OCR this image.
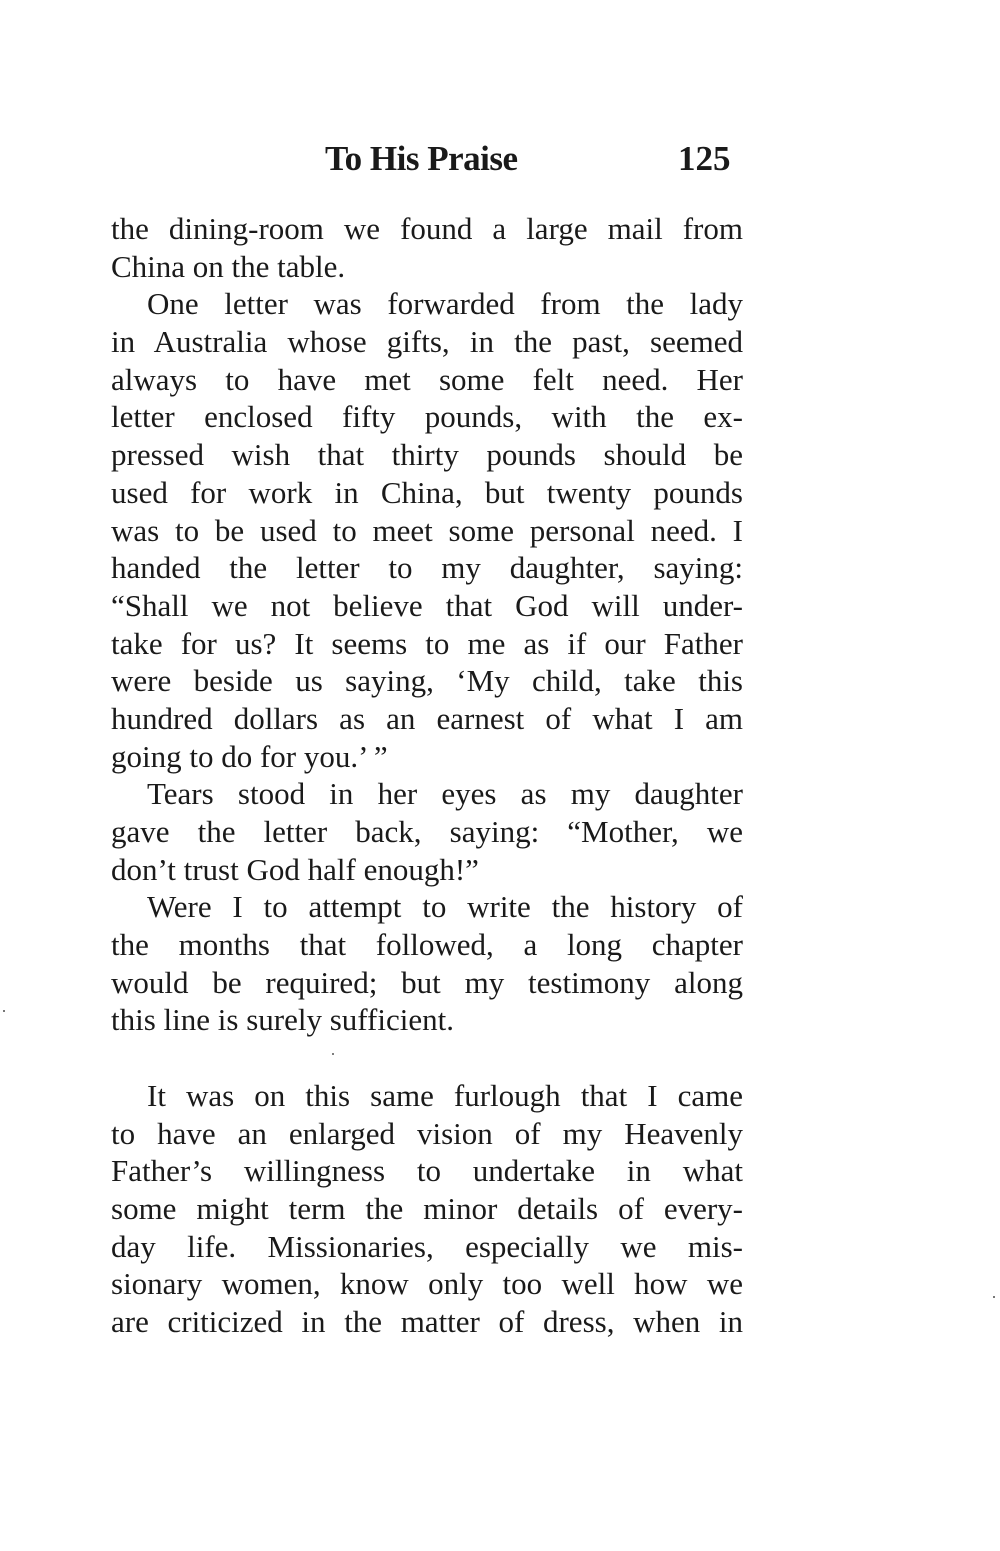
To His Praise	125
the dining-room we found a large mail from
China on the table.
One letter was forwarded from the lady
in Australia whose gifts, in the past, seemed
always to have met some felt need. Her
letter enclosed fifty pounds, with the ex-
pressed wish that thirty pounds should be
used for work in China, but twenty pounds
was to be used to meet some personal need. I
handed the letter to my daughter, saying:
“Shall we not believe that God will under-
take for us? It seems to me as if our Father
were beside us saying, ‘My child, take this
hundred dollars as an earnest of what I am
going to do for you.’ ”
Tears stood in her eyes as my daughter
gave the letter back, saying: “Mother, we
don’t trust God half enough!”
Were I to attempt to write the history of
the months that followed, a long chapter
would be required; but my testimony along
this line is surely sufficient.
It was on this same furlough that I came
to have an enlarged vision of my Heavenly
Father’s willingness to undertake in what
some might term the minor details of every-
day life. Missionaries, especially we mis-
sionary women, know only too well how we
are criticized in the matter of dress, when in
